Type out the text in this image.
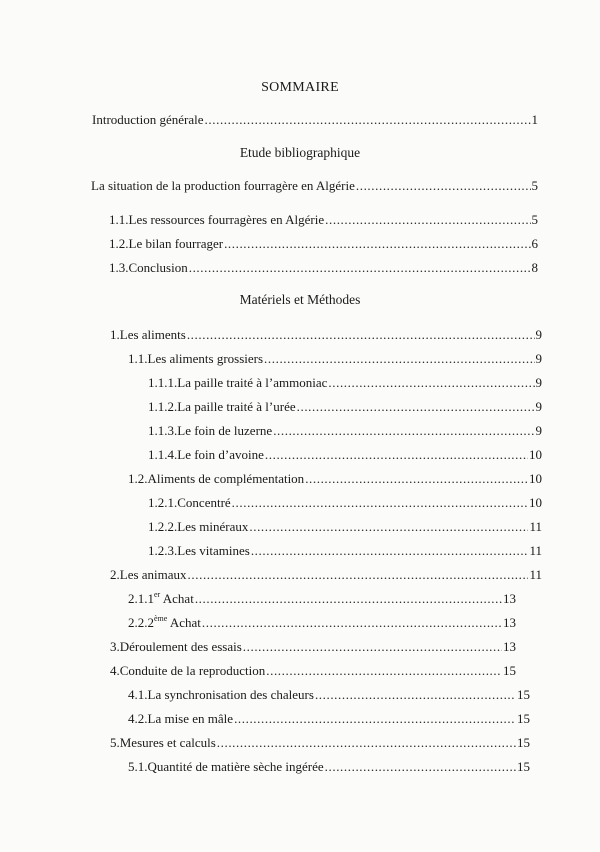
SOMMAIRE
Introduction générale .....	1
Etude bibliographique
La situation de la production fourragère en Algérie .....	5
1.1. Les ressources fourragères en Algérie .....	5
1.2. Le bilan fourrager .....	6
1.3. Conclusion .....	8
Matériels et Méthodes
1. Les aliments .....	9
1.1. Les aliments grossiers .....	9
1.1.1. La paille traité à l’ammoniac .....	9
1.1.2. La paille traité à l’urée .....	9
1.1.3. Le foin de luzerne .....	9
1.1.4. Le foin d’avoine .....	10
1.2. Aliments de complémentation .....	10
1.2.1. Concentré .....	10
1.2.2. Les minéraux .....	11
1.2.3. Les vitamines .....	11
2. Les animaux .....	11
2.1. 1er Achat .....	13
2.2. 2ème Achat .....	13
3. Déroulement des essais .....	13
4. Conduite de la reproduction .....	15
4.1. La synchronisation des chaleurs .....	15
4.2. La mise en mâle .....	15
5. Mesures et calculs .....	15
5.1. Quantité de matière sèche ingérée .....	15
